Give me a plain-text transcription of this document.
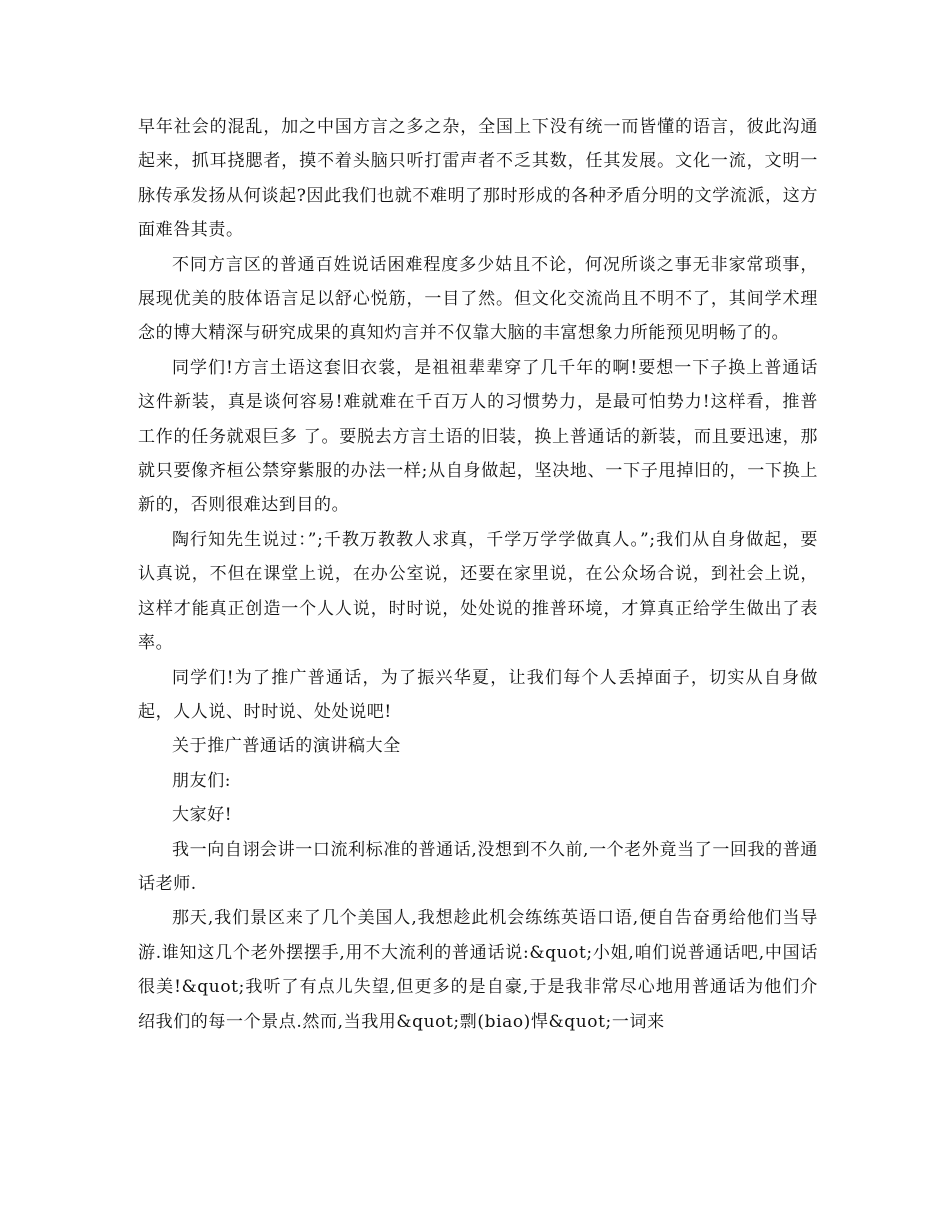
早年社会的混乱，加之中国方言之多之杂，全国上下没有统一而皆懂的语言，彼此沟通起来，抓耳挠腮者，摸不着头脑只听打雷声者不乏其数，任其发展。文化一流，文明一脉传承发扬从何谈起?因此我们也就不难明了那时形成的各种矛盾分明的文学流派，这方面难咎其责。

不同方言区的普通百姓说话困难程度多少姑且不论，何况所谈之事无非家常琐事，展现优美的肢体语言足以舒心悦筋，一目了然。但文化交流尚且不明不了，其间学术理念的博大精深与研究成果的真知灼言并不仅靠大脑的丰富想象力所能预见明畅了的。

同学们!方言土语这套旧衣裳，是祖祖辈辈穿了几千年的啊!要想一下子换上普通话这件新装，真是谈何容易!难就难在千百万人的习惯势力，是最可怕势力!这样看，推普工作的任务就艰巨多 了。要脱去方言土语的旧装，换上普通话的新装，而且要迅速，那就只要像齐桓公禁穿紫服的办法一样;从自身做起，坚决地、一下子甩掉旧的，一下换上新的，否则很难达到目的。

陶行知先生说过：”;千教万教教人求真，千学万学学做真人。”;我们从自身做起，要认真说，不但在课堂上说，在办公室说，还要在家里说，在公众场合说，到社会上说，这样才能真正创造一个人人说，时时说，处处说的推普环境，才算真正给学生做出了表率。

同学们!为了推广普通话，为了振兴华夏，让我们每个人丢掉面子，切实从自身做起，人人说、时时说、处处说吧!

关于推广普通话的演讲稿大全

朋友们:

大家好!

我一向自诩会讲一口流利标准的普通话,没想到不久前,一个老外竟当了一回我的普通话老师.

那天,我们景区来了几个美国人,我想趁此机会练练英语口语,便自告奋勇给他们当导游.谁知这几个老外摆摆手,用不大流利的普通话说:&quot;小姐,咱们说普通话吧,中国话很美!&quot;我听了有点儿失望,但更多的是自豪,于是我非常尽心地用普通话为他们介绍我们的每一个景点.然而,当我用&quot;剽(biao)悍&quot;一词来
